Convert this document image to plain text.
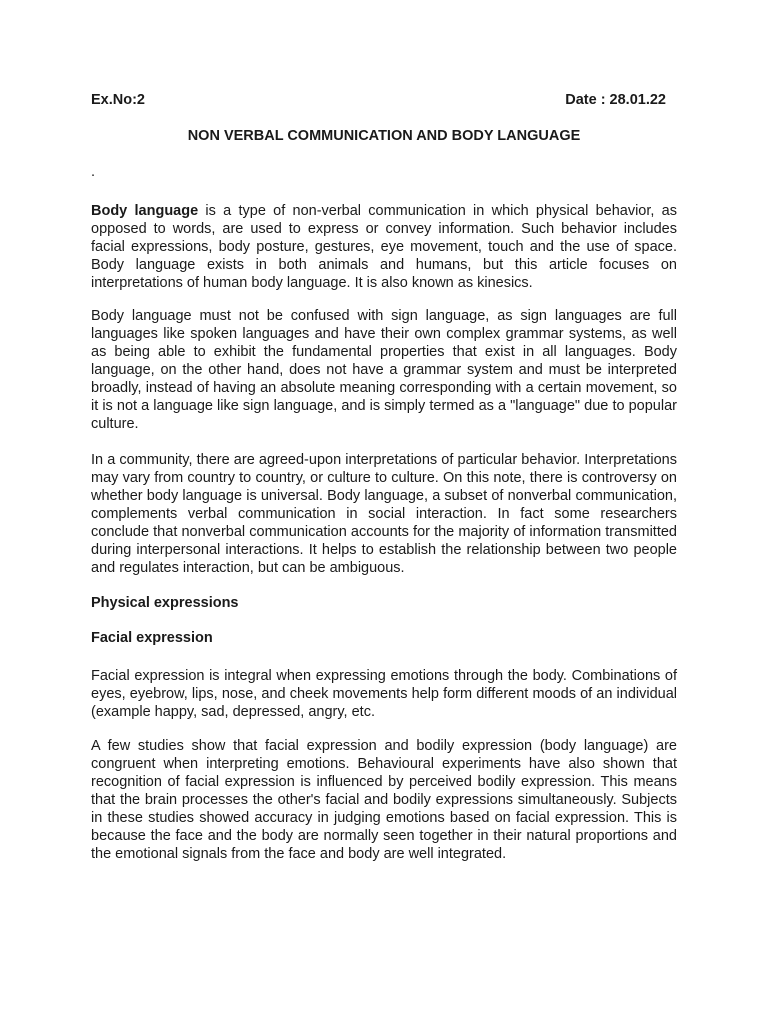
Ex.No:2	Date : 28.01.22
NON VERBAL COMMUNICATION AND BODY LANGUAGE
.

Body language is a type of non-verbal communication in which physical behavior, as opposed to words, are used to express or convey information. Such behavior includes facial expressions, body posture, gestures, eye movement, touch and the use of space. Body language exists in both animals and humans, but this article focuses on interpretations of human body language. It is also known as kinesics.

Body language must not be confused with sign language, as sign languages are full languages like spoken languages and have their own complex grammar systems, as well as being able to exhibit the fundamental properties that exist in all languages. Body language, on the other hand, does not have a grammar system and must be interpreted broadly, instead of having an absolute meaning corresponding with a certain movement, so it is not a language like sign language, and is simply termed as a "language" due to popular culture.

In a community, there are agreed-upon interpretations of particular behavior. Interpretations may vary from country to country, or culture to culture. On this note, there is controversy on whether body language is universal. Body language, a subset of nonverbal communication, complements verbal communication in social interaction. In fact some researchers conclude that nonverbal communication accounts for the majority of information transmitted during interpersonal interactions. It helps to establish the relationship between two people and regulates interaction, but can be ambiguous.

Physical expressions

Facial expression

Facial expression is integral when expressing emotions through the body. Combinations of eyes, eyebrow, lips, nose, and cheek movements help form different moods of an individual (example happy, sad, depressed, angry, etc.

A few studies show that facial expression and bodily expression (body language) are congruent when interpreting emotions. Behavioural experiments have also shown that recognition of facial expression is influenced by perceived bodily expression. This means that the brain processes the other's facial and bodily expressions simultaneously. Subjects in these studies showed accuracy in judging emotions based on facial expression. This is because the face and the body are normally seen together in their natural proportions and the emotional signals from the face and body are well integrated.
